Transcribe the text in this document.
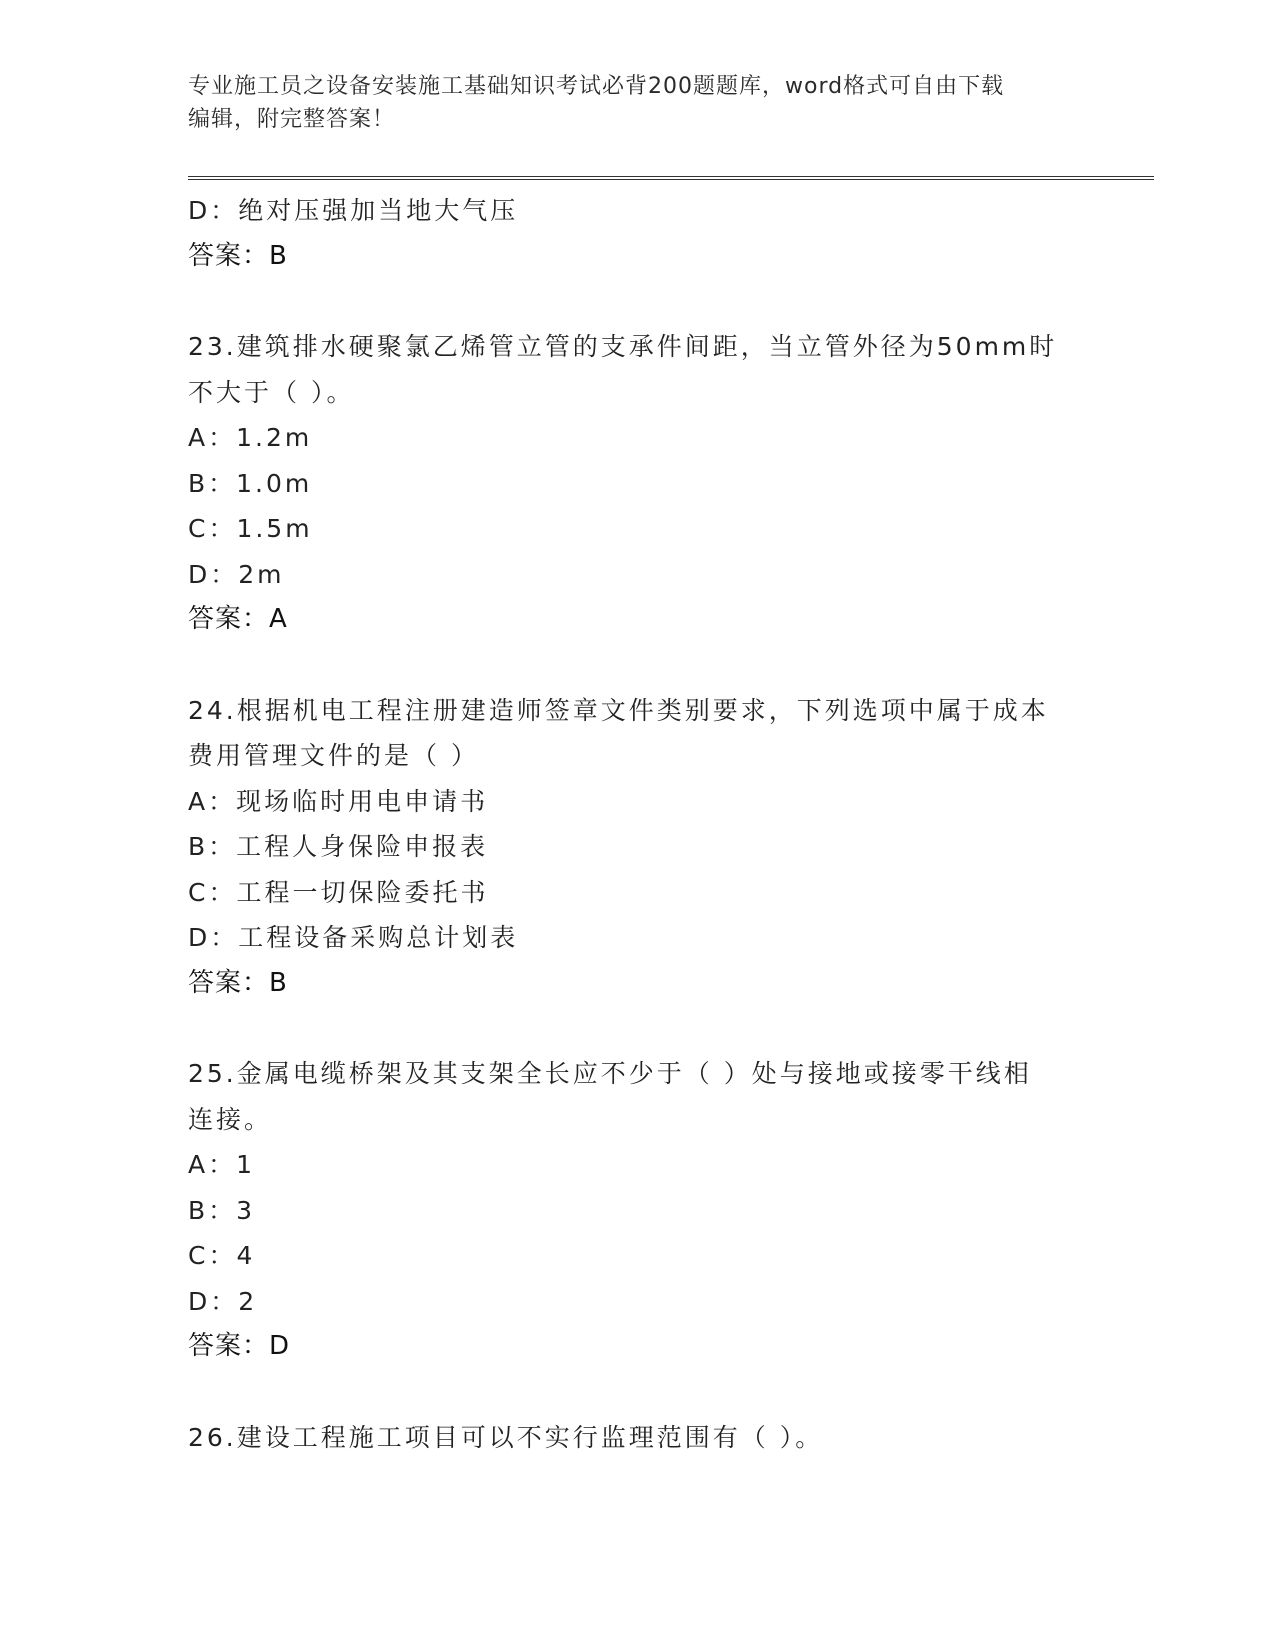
专业施工员之设备安装施工基础知识考试必背200题题库，word格式可自由下载
编辑，附完整答案！
D：绝对压强加当地大气压
答案：B
23.建筑排水硬聚氯乙烯管立管的支承件间距，当立管外径为50mm时
不大于（ ）。
A：1.2m
B：1.0m
C：1.5m
D：2m
答案：A
24.根据机电工程注册建造师签章文件类别要求，下列选项中属于成本
费用管理文件的是（ ）
A：现场临时用电申请书
B：工程人身保险申报表
C：工程一切保险委托书
D：工程设备采购总计划表
答案：B
25.金属电缆桥架及其支架全长应不少于（ ）处与接地或接零干线相
连接。
A：1
B：3
C：4
D：2
答案：D
26.建设工程施工项目可以不实行监理范围有（ ）。
